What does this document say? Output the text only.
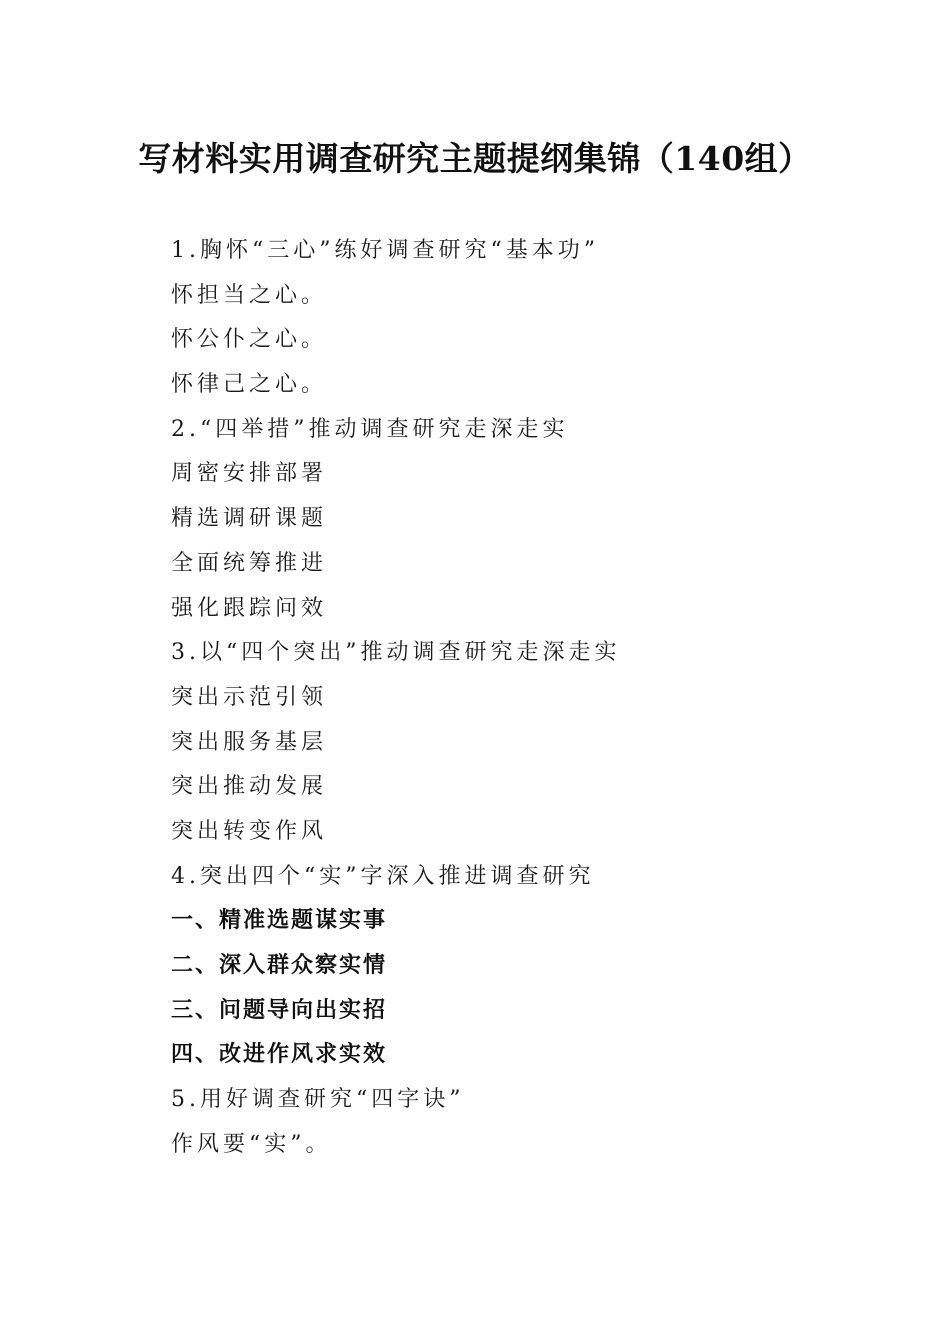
写材料实用调查研究主题提纲集锦（140组）
1.胸怀“三心”练好调查研究“基本功”
怀担当之心。
怀公仆之心。
怀律己之心。
2.“四举措”推动调查研究走深走实
周密安排部署
精选调研课题
全面统筹推进
强化跟踪问效
3.以“四个突出”推动调查研究走深走实
突出示范引领
突出服务基层
突出推动发展
突出转变作风
4.突出四个“实”字深入推进调查研究
一、精准选题谋实事
二、深入群众察实情
三、问题导向出实招
四、改进作风求实效
5.用好调查研究“四字诀”
作风要“实”。
